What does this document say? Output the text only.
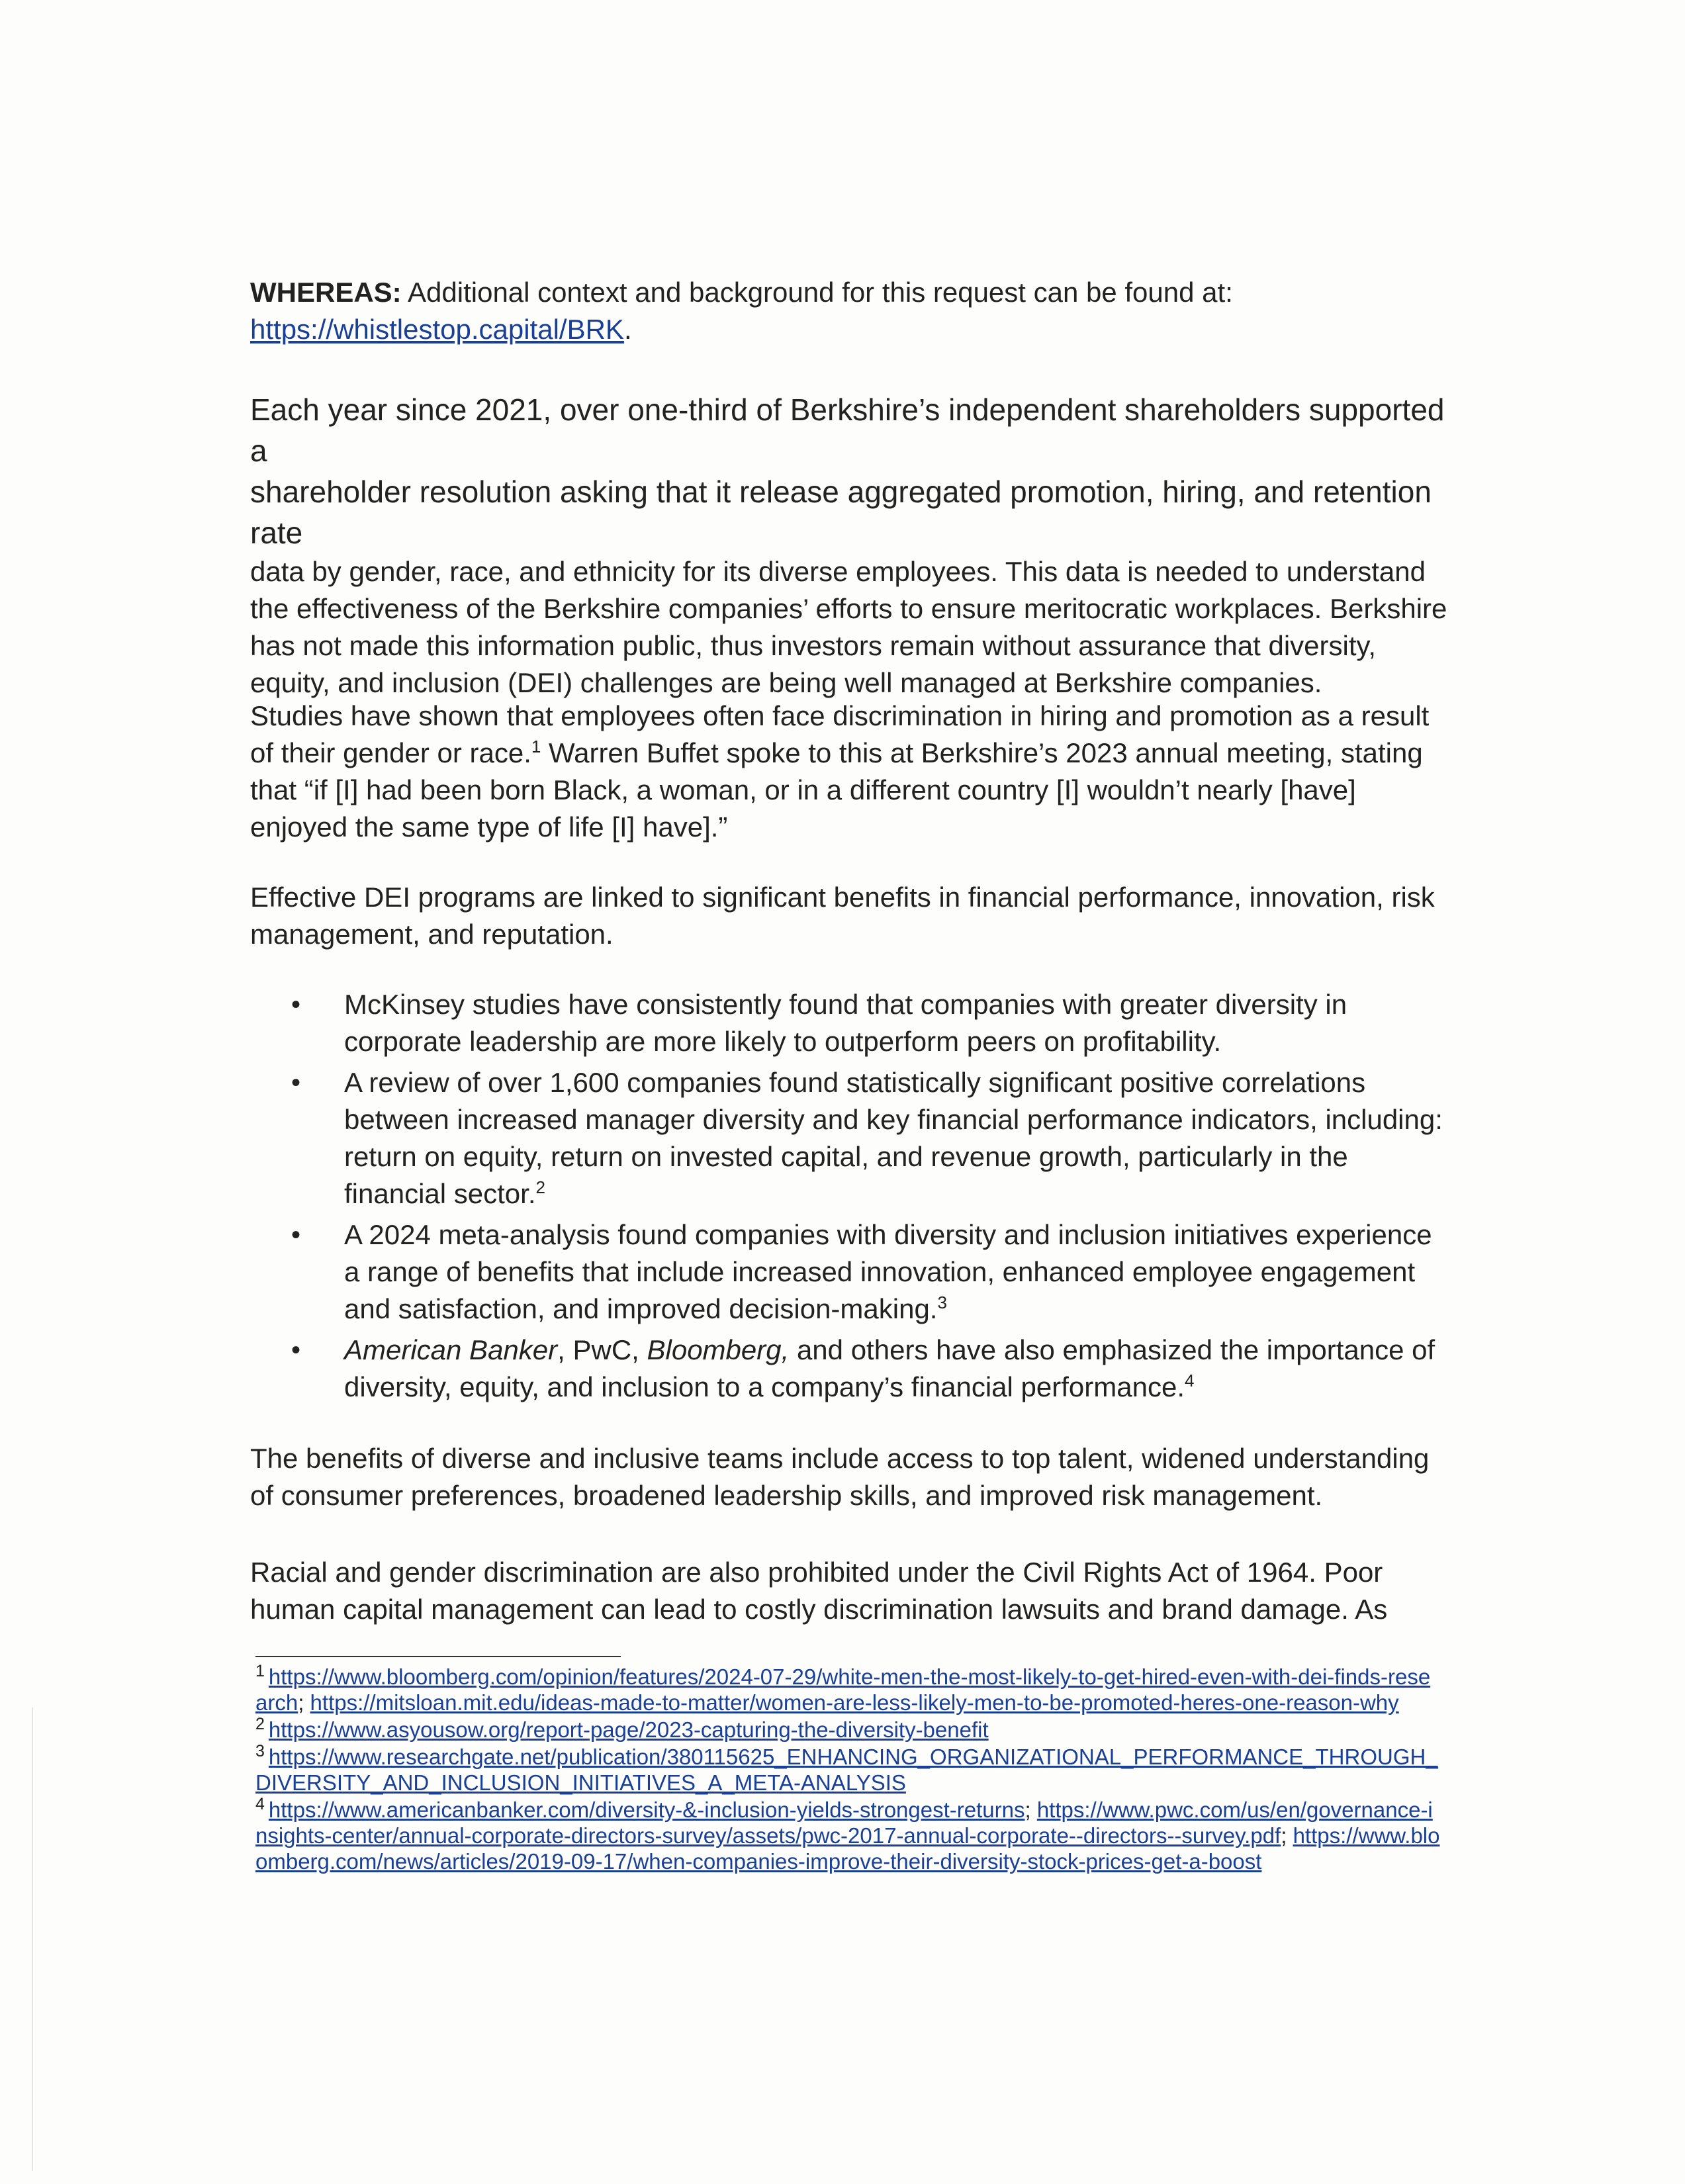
WHEREAS: Additional context and background for this request can be found at:
https://whistlestop.capital/BRK.

Each year since 2021, over one-third of Berkshire’s independent shareholders supported a
shareholder resolution asking that it release aggregated promotion, hiring, and retention rate
data by gender, race, and ethnicity for its diverse employees. This data is needed to understand the effectiveness of the Berkshire companies’ efforts to ensure meritocratic workplaces. Berkshire has not made this information public, thus investors remain without assurance that diversity, equity, and inclusion (DEI) challenges are being well managed at Berkshire companies.

Studies have shown that employees often face discrimination in hiring and promotion as a result of their gender or race.$^1$ Warren Buffet spoke to this at Berkshire’s 2023 annual meeting, stating that “if [I] had been born Black, a woman, or in a different country [I] wouldn’t nearly [have] enjoyed the same type of life [I] have].”

Effective DEI programs are linked to significant benefits in financial performance, innovation, risk management, and reputation.

• McKinsey studies have consistently found that companies with greater diversity in corporate leadership are more likely to outperform peers on profitability.
• A review of over 1,600 companies found statistically significant positive correlations between increased manager diversity and key financial performance indicators, including: return on equity, return on invested capital, and revenue growth, particularly in the financial sector.$^2$
• A 2024 meta-analysis found companies with diversity and inclusion initiatives experience a range of benefits that include increased innovation, enhanced employee engagement and satisfaction, and improved decision-making.$^3$
• American Banker, PwC, Bloomberg, and others have also emphasized the importance of diversity, equity, and inclusion to a company’s financial performance.$^4$

The benefits of diverse and inclusive teams include access to top talent, widened understanding of consumer preferences, broadened leadership skills, and improved risk management.

Racial and gender discrimination are also prohibited under the Civil Rights Act of 1964. Poor human capital management can lead to costly discrimination lawsuits and brand damage. As

$^1$ https://www.bloomberg.com/opinion/features/2024-07-29/white-men-the-most-likely-to-get-hired-even-with-dei-finds-research; https://mitsloan.mit.edu/ideas-made-to-matter/women-are-less-likely-men-to-be-promoted-heres-one-reason-why

$^2$ https://www.asyousow.org/report-page/2023-capturing-the-diversity-benefit

$^3$ https://www.researchgate.net/publication/380115625_ENHANCING_ORGANIZATIONAL_PERFORMANCE_THROUGH_DIVERSITY_AND_INCLUSION_INITIATIVES_A_META-ANALYSIS

$^4$ https://www.americanbanker.com/diversity-&-inclusion-yields-strongest-returns; https://www.pwc.com/us/en/governance-insights-center/annual-corporate-directors-survey/assets/pwc-2017-annual-corporate--directors--survey.pdf; https://www.bloomberg.com/news/articles/2019-09-17/when-companies-improve-their-diversity-stock-prices-get-a-boost
